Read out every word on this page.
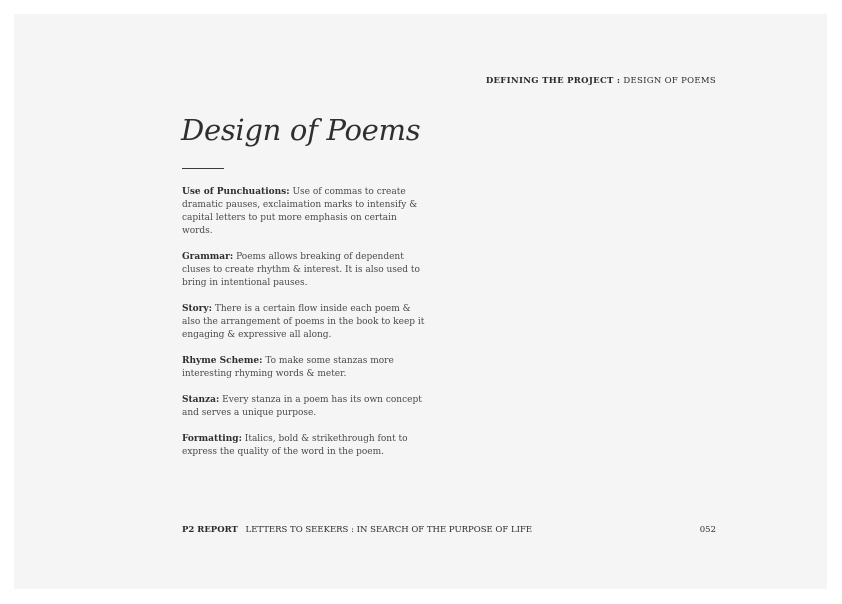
DEFINING THE PROJECT : DESIGN OF POEMS
Design of Poems

Use of Punchuations: Use of commas to create dramatic pauses, exclaimation marks to intensify & capital letters to put more emphasis on certain words.

Grammar: Poems allows breaking of dependent cluses to create rhythm & interest. It is also used to bring in intentional pauses.

Story: There is a certain flow inside each poem & also the arrangement of poems in the book to keep it engaging & expressive all along.

Rhyme Scheme: To make some stanzas more interesting rhyming words & meter.

Stanza: Every stanza in a poem has its own concept and serves a unique purpose.

Formatting: Italics, bold & strikethrough font to express the quality of the word in the poem.

P2 REPORT LETTERS TO SEEKERS : IN SEARCH OF THE PURPOSE OF LIFE	052
